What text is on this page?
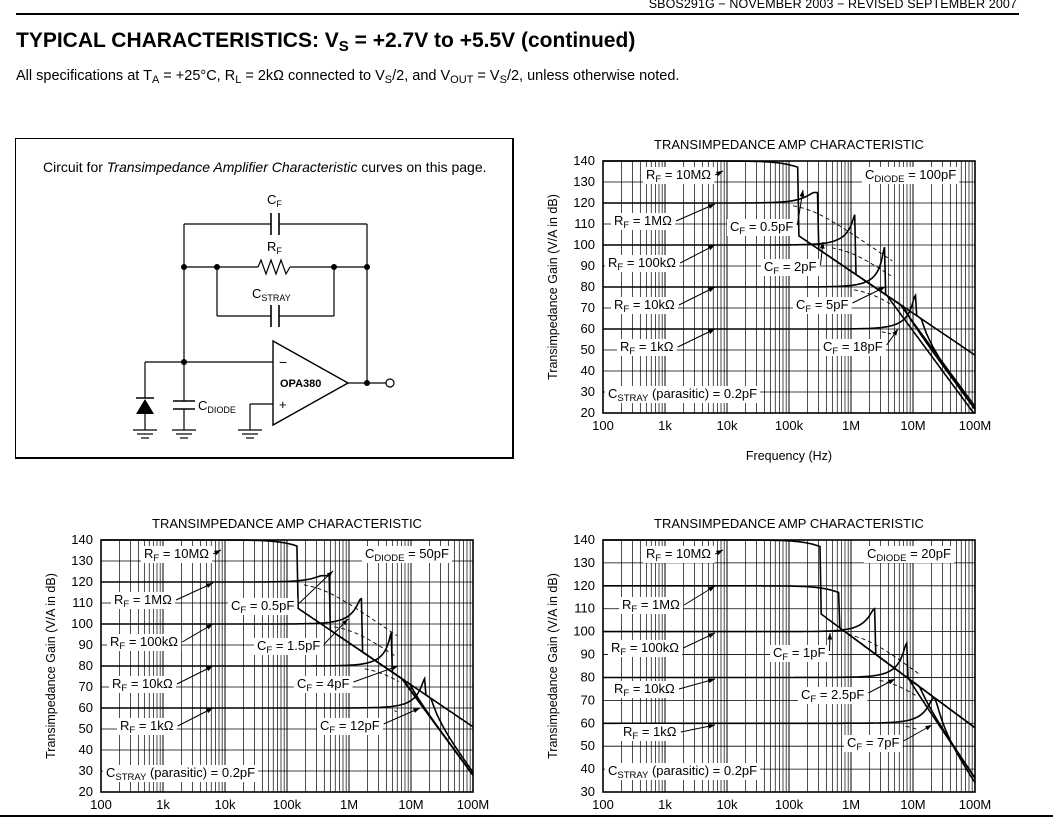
SBOS291G − NOVEMBER 2003 − REVISED SEPTEMBER 2007
TYPICAL CHARACTERISTICS: $V_S = +2.7V$ to +5.5V (continued)
All specifications at $T_A = +25^\circ C$, $R_L = 2k\Omega$ connected to $V_S/2$, and $V_{OUT} = V_S/2$, unless otherwise noted.
Circuit for Transimpedance Amplifier Characteristic curves on this page.
$C_F$
$R_F$
$C_{STRAY}$
$C_{DIODE}$
OPA380
−
+
TRANSIMPEDANCE AMP CHARACTERISTIC
140
130
120
110
100
90
80
70
60
50
40
30
20
100	1k	10k	100k	1M	10M	100M
Transimpedance Gain (V/A in dB)
Frequency (Hz)
$R_F = 10M\Omega$
$R_F = 1M\Omega$
$R_F = 100k\Omega$
$R_F = 10k\Omega$
$R_F = 1k\Omega$
$C_F = 0.5pF$
$C_F = 2pF$
$C_F = 5pF$
$C_F = 18pF$
$C_{DIODE} = 100pF$
$C_{STRAY}$ (parasitic) = 0.2pF
TRANSIMPEDANCE AMP CHARACTERISTIC
140
130
120
110
100
90
80
70
60
50
40
30
20
100	1k	10k	100k	1M	10M	100M
Transimpedance Gain (V/A in dB)
$R_F = 10M\Omega$
$R_F = 1M\Omega$
$R_F = 100k\Omega$
$R_F = 10k\Omega$
$R_F = 1k\Omega$
$C_F = 0.5pF$
$C_F = 1.5pF$
$C_F = 4pF$
$C_F = 12pF$
$C_{DIODE} = 50pF$
$C_{STRAY}$ (parasitic) = 0.2pF
TRANSIMPEDANCE AMP CHARACTERISTIC
140
130
120
110
100
90
80
70
60
50
40
30
100	1k	10k	100k	1M	10M	100M
Transimpedance Gain (V/A in dB)
$R_F = 10M\Omega$
$R_F = 1M\Omega$
$R_F = 100k\Omega$
$R_F = 10k\Omega$
$R_F = 1k\Omega$
$C_F = 1pF$
$C_F = 2.5pF$
$C_F = 7pF$
$C_{DIODE} = 20pF$
$C_{STRAY}$ (parasitic) = 0.2pF
